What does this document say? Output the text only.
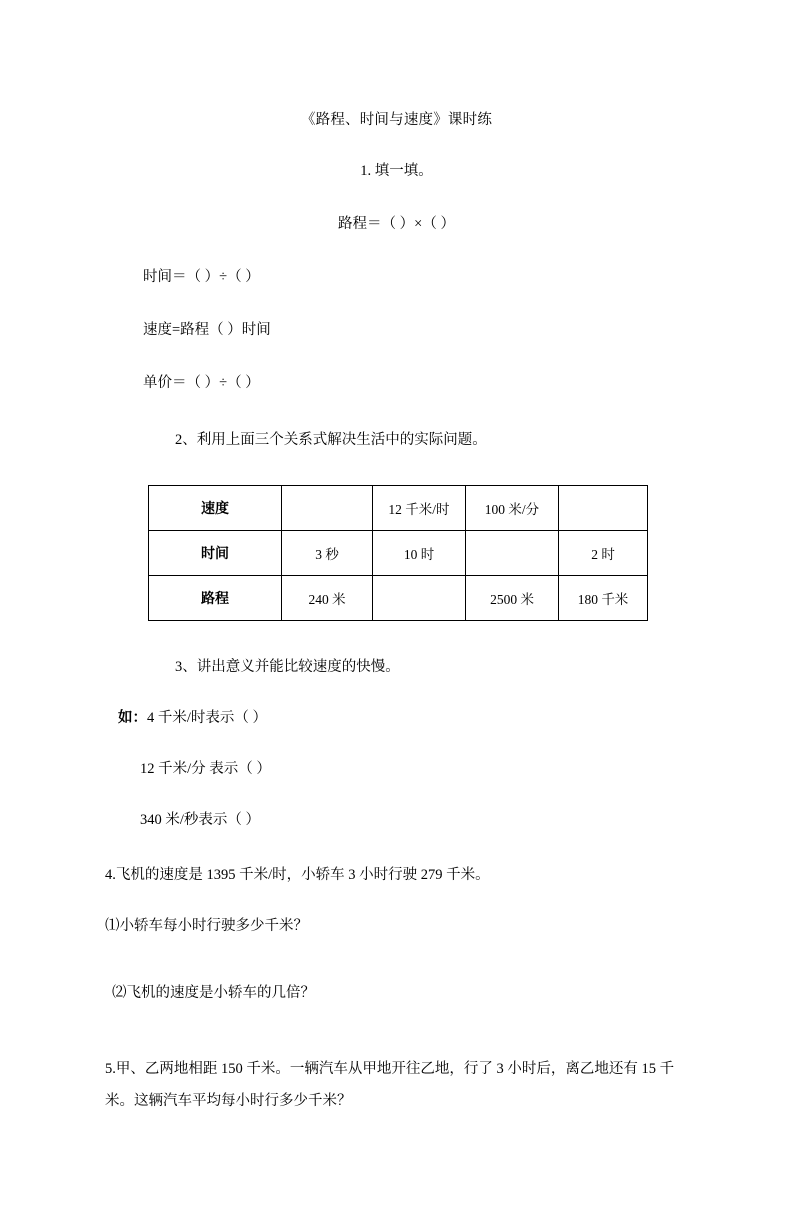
《路程、时间与速度》课时练
1. 填一填。
路程＝（ ）×（ ）
时间＝（ ）÷（ ）
速度=路程（ ）时间
单价＝（ ）÷（ ）
2、利用上面三个关系式解决生活中的实际问题。
速度		12 千米/时	100 米/分	
时间	3 秒	10 时		2 时
路程	240 米		2500 米	180 千米
3、讲出意义并能比较速度的快慢。
如：4 千米/时表示（ ）
12 千米/分 表示（ ）
340 米/秒表示（ ）
4.飞机的速度是 1395 千米/时，小轿车 3 小时行驶 279 千米。
⑴小轿车每小时行驶多少千米？
⑵飞机的速度是小轿车的几倍？
5.甲、乙两地相距 150 千米。一辆汽车从甲地开往乙地，行了 3 小时后，离乙地还有 15 千米。这辆汽车平均每小时行多少千米？
